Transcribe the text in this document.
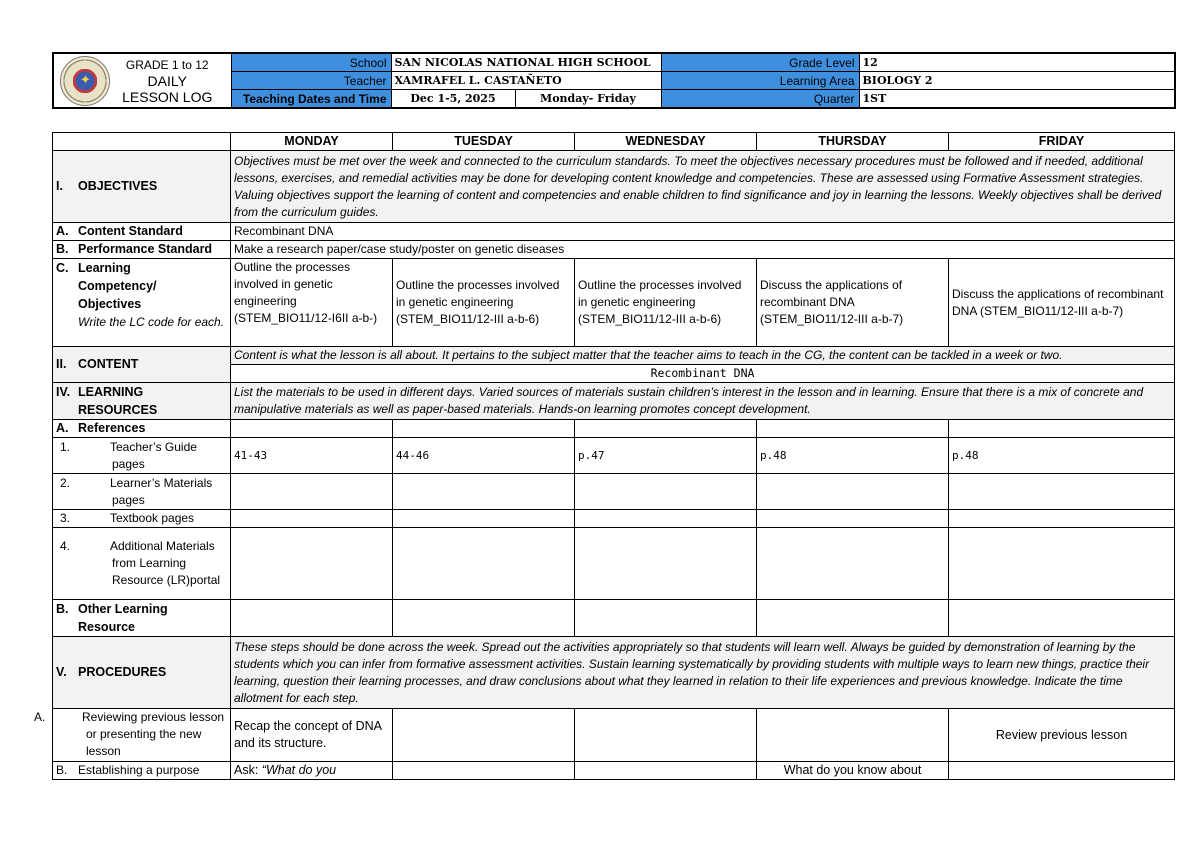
✦
GRADE 1 to 12
DAILY
LESSON LOG	School	SAN NICOLAS NATIONAL HIGH SCHOOL		Grade Level	12
	Teacher	XAMRAFEL L. CASTAÑETO		Learning Area	BIOLOGY 2
	Teaching Dates and Time	Dec 1-5, 2025	Monday- Friday	Quarter	1ST
	MONDAY	TUESDAY	WEDNESDAY	THURSDAY	FRIDAY
I. OBJECTIVES	Objectives must be met over the week and connected to the curriculum standards. To meet the objectives necessary procedures must be followed and if needed, additional lessons, exercises, and remedial activities may be done for developing content knowledge and competencies. These are assessed using Formative Assessment strategies. Valuing objectives support the learning of content and competencies and enable children to find significance and joy in learning the lessons. Weekly objectives shall be derived from the curriculum guides.				
A. Content Standard	Recombinant DNA				
B. Performance Standard	Make a research paper/case study/poster on genetic diseases				

C. Learning
Competency/
Objectives
Write the LC code for each.	Outline the processes involved in genetic engineering (STEM_BIO11/12-I6II a-b-)	Outline the processes involved in genetic engineering (STEM_BIO11/12-III a-b-6)	Outline the processes involved in genetic engineering (STEM_BIO11/12-III a-b-6)	Discuss the applications of recombinant DNA (STEM_BIO11/12-III a-b-7)	Discuss the applications of recombinant DNA (STEM_BIO11/12-III a-b-7)
II. CONTENT	Content is what the lesson is all about. It pertains to the subject matter that the teacher aims to teach in the CG, the content can be tackled in a week or two.				
	Recombinant DNA				

IV. LEARNING
RESOURCES	List the materials to be used in different days. Varied sources of materials sustain children’s interest in the lesson and in learning. Ensure that there is a mix of concrete and manipulative materials as well as paper-based materials. Hands-on learning promotes concept development.				
A. References					
1. Teacher’s Guide pages	41-43	44-46	p.47	p.48	p.48
2. Learner’s Materials pages					
3. Textbook pages					
4. Additional Materials from Learning Resource (LR)portal					

B. Other Learning
Resource					

V. PROCEDURES	These steps should be done across the week. Spread out the activities appropriately so that students will learn well. Always be guided by demonstration of learning by the students which you can infer from formative assessment activities. Sustain learning systematically by providing students with multiple ways to learn new things, practice their learning, question their learning processes, and draw conclusions about what they learned in relation to their life experiences and previous knowledge. Indicate the time allotment for each step.				
A. Reviewing previous lesson or presenting the new lesson	Recap the concept of DNA and its structure.				Review previous lesson
B. Establishing a purpose	Ask: “What do you			What do you know about	
